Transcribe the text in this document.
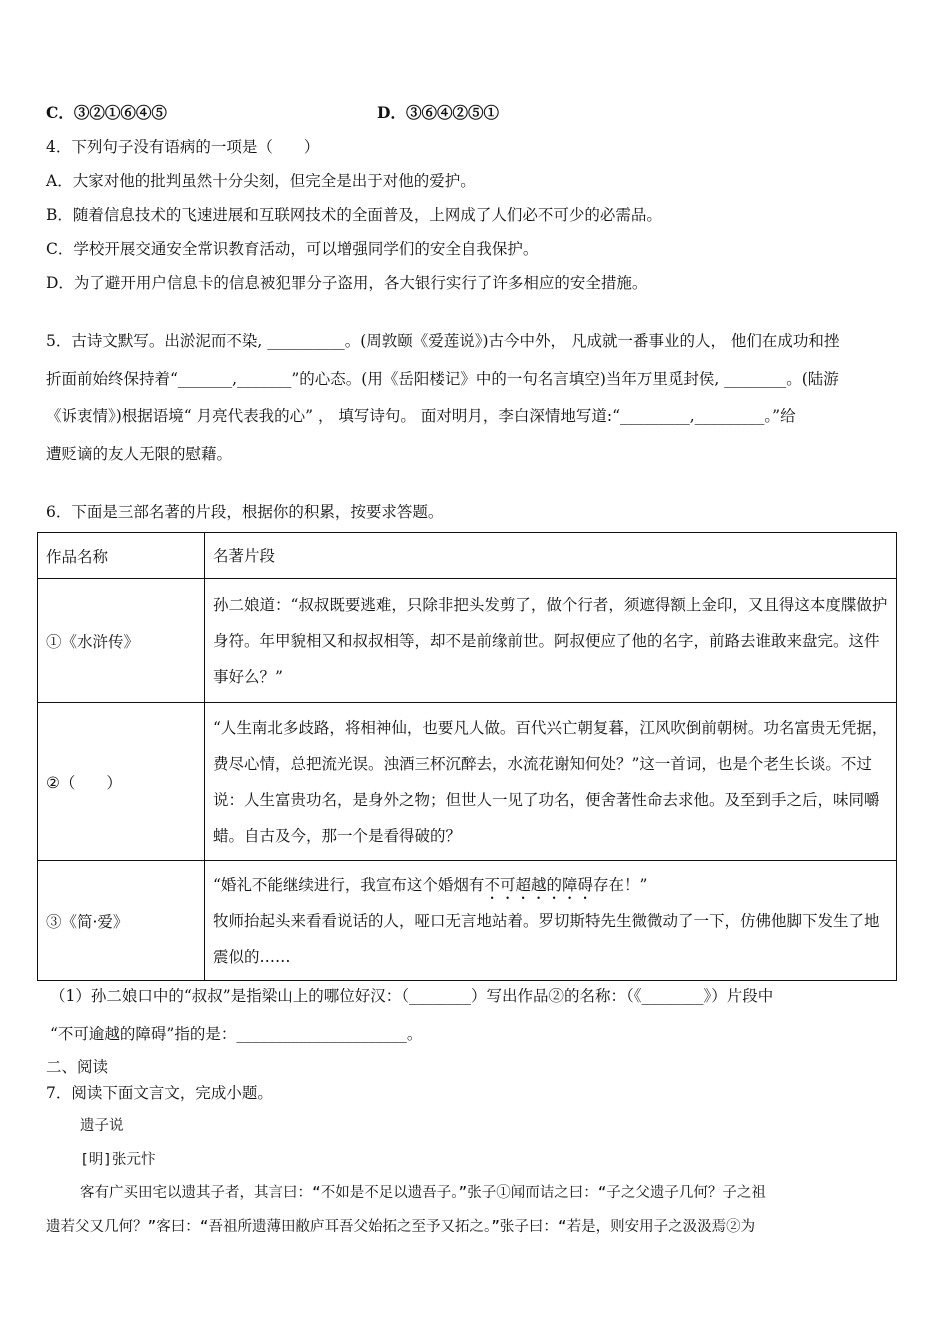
C．③②①⑥④⑤	D．③⑥④②⑤①
4．下列句子没有语病的一项是（　　）
A．大家对他的批判虽然十分尖刻，但完全是出于对他的爱护。
B．随着信息技术的飞速进展和互联网技术的全面普及，上网成了人们必不可少的必需品。
C．学校开展交通安全常识教育活动，可以增强同学们的安全自我保护。
D．为了避开用户信息卡的信息被犯罪分子盗用，各大银行实行了许多相应的安全措施。
5．古诗文默写。出淤泥而不染, __________。(周敦颐《爱莲说》)古今中外， 凡成就一番事业的人， 他们在成功和挫
折面前始终保持着“_______,_______”的心态。(用《岳阳楼记》中的一句名言填空)当年万里觅封侯, ________。(陆游
《诉衷情》)根据语境“ 月亮代表我的心” ， 填写诗句。 面对明月，李白深情地写道:“_________,_________。”给
遭贬谪的友人无限的慰藉。
6．下面是三部名著的片段，根据你的积累，按要求答题。
作品名称	名著片段
①《水浒传》	孙二娘道：“叔叔既要逃难，只除非把头发剪了，做个行者，须遮得额上金印，又且得这本度牒做护身符。年甲貌相又和叔叔相等，却不是前缘前世。阿叔便应了他的名字，前路去谁敢来盘完。这件事好么？”
②（　　）	“人生南北多歧路，将相神仙，也要凡人做。百代兴亡朝复暮，江风吹倒前朝树。功名富贵无凭据，费尽心情，总把流光误。浊酒三杯沉醉去，水流花谢知何处？”这一首词，也是个老生长谈。不过说：人生富贵功名，是身外之物；但世人一见了功名，便舍著性命去求他。及至到手之后，味同嚼蜡。自古及今，那一个是看得破的？
③《简·爱》	“婚礼不能继续进行，我宣布这个婚烟有不可超越的障碍存在！”
牧师抬起头来看看说话的人，哑口无言地站着。罗切斯特先生微微动了一下，仿佛他脚下发生了地震似的……
（1）孙二娘口中的“叔叔”是指梁山上的哪位好汉：（________）写出作品②的名称：（《________》）片段中
“不可逾越的障碍”指的是：______________________。
二、阅读
7．阅读下面文言文，完成小题。
遗子说
[明]张元忭
客有广买田宅以遗其子者，其言曰：“不如是不足以遗吾子。”张子①闻而诘之曰：“子之父遗子几何？子之祖
遗若父又几何？”客曰：“吾祖所遗薄田敝庐耳吾父始拓之至予又拓之。”张子曰：“若是，则安用子之汲汲焉②为
